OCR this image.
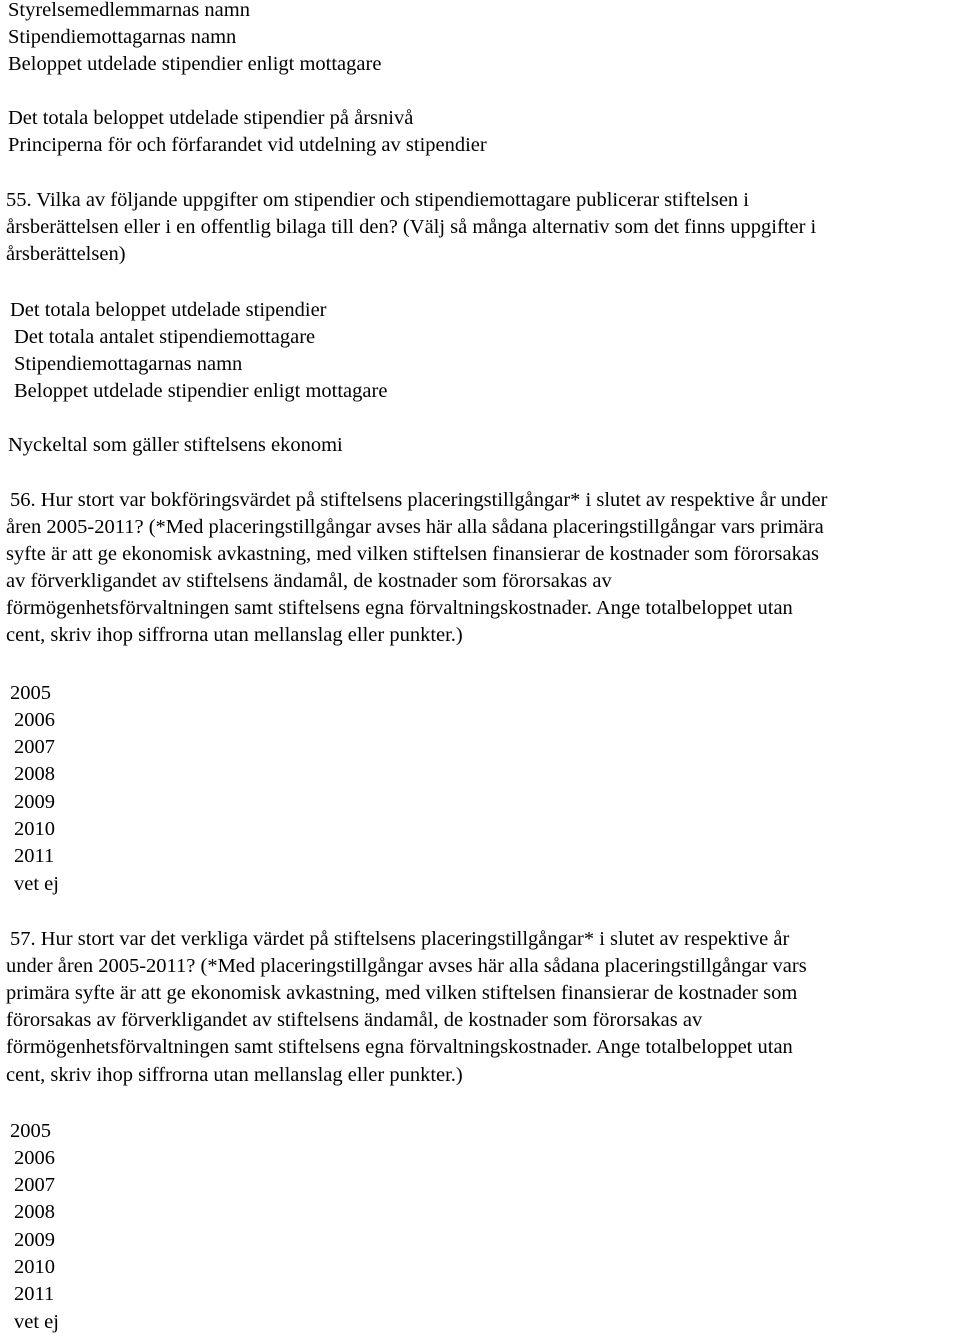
Styrelsemedlemmarnas namn
Stipendiemottagarnas namn
Beloppet utdelade stipendier enligt mottagare
Det totala beloppet utdelade stipendier på årsnivå
Principerna för och förfarandet vid utdelning av stipendier
55. Vilka av följande uppgifter om stipendier och stipendiemottagare publicerar stiftelsen i
årsberättelsen eller i en offentlig bilaga till den? (Välj så många alternativ som det finns uppgifter i
årsberättelsen)
Det totala beloppet utdelade stipendier
Det totala antalet stipendiemottagare
Stipendiemottagarnas namn
Beloppet utdelade stipendier enligt mottagare
Nyckeltal som gäller stiftelsens ekonomi
56. Hur stort var bokföringsvärdet på stiftelsens placeringstillgångar* i slutet av respektive år under
åren 2005-2011? (*Med placeringstillgångar avses här alla sådana placeringstillgångar vars primära
syfte är att ge ekonomisk avkastning, med vilken stiftelsen finansierar de kostnader som förorsakas
av förverkligandet av stiftelsens ändamål, de kostnader som förorsakas av
förmögenhetsförvaltningen samt stiftelsens egna förvaltningskostnader. Ange totalbeloppet utan
cent, skriv ihop siffrorna utan mellanslag eller punkter.)
2005
2006
2007
2008
2009
2010
2011
vet ej
57. Hur stort var det verkliga värdet på stiftelsens placeringstillgångar* i slutet av respektive år
under åren 2005-2011? (*Med placeringstillgångar avses här alla sådana placeringstillgångar vars
primära syfte är att ge ekonomisk avkastning, med vilken stiftelsen finansierar de kostnader som
förorsakas av förverkligandet av stiftelsens ändamål, de kostnader som förorsakas av
förmögenhetsförvaltningen samt stiftelsens egna förvaltningskostnader. Ange totalbeloppet utan
cent, skriv ihop siffrorna utan mellanslag eller punkter.)
2005
2006
2007
2008
2009
2010
2011
vet ej
